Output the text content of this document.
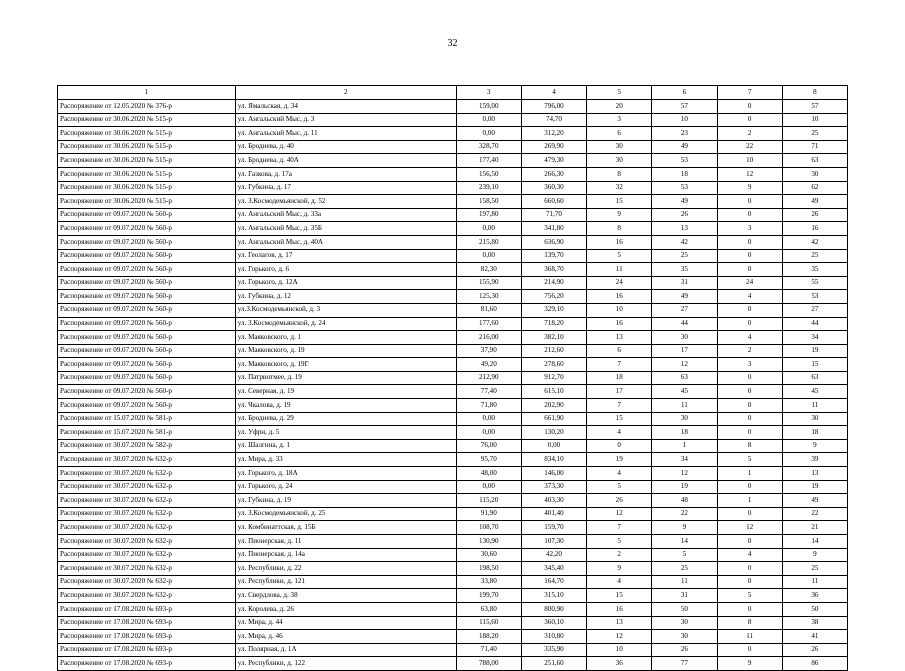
32
1	2	3	4	5	6	7	8
Распоряжение от 12.05.2020 № 376-р	ул. Ямальская, д. 34	159,00	796,00	20	57	0	57
Распоряжение от 30.06.2020 № 515-р	ул. Ангальский Мыс, д. 3	0,00	74,70	3	10	0	10
Распоряжение от 30.06.2020 № 515-р	ул. Ангальский Мыс, д. 11	0,00	312,20	6	23	2	25
Распоряжение от 30.06.2020 № 515-р	ул. Броднева, д. 40	328,70	269,90	30	49	22	71
Распоряжение от 30.06.2020 № 515-р	ул. Броднева, д. 40А	177,40	479,30	30	53	10	63
Распоряжение от 30.06.2020 № 515-р	ул. Газкова, д. 17а	156,50	266,30	8	18	12	30
Распоряжение от 30.06.2020 № 515-р	ул. Губкина, д. 17	239,10	360,30	32	53	9	62
Распоряжение от 30.06.2020 № 515-р	ул. З.Космодемьянской, д. 52	158,50	660,60	15	49	0	49
Распоряжение от 09.07.2020 № 560-р	ул. Ангальский Мыс, д. 33а	197,80	71,70	9	26	0	26
Распоряжение от 09.07.2020 № 560-р	ул. Ангальский Мыс, д. 35Б	0,00	341,80	8	13	3	16
Распоряжение от 09.07.2020 № 560-р	ул. Ангальский Мыс, д. 40А	215,80	636,90	16	42	0	42
Распоряжение от 09.07.2020 № 560-р	ул. Геолагов, д. 17	0,00	139,70	5	25	0	25
Распоряжение от 09.07.2020 № 560-р	ул. Горького, д. 6	82,30	368,70	11	35	0	35
Распоряжение от 09.07.2020 № 560-р	ул. Горького, д. 12А	155,90	214,90	24	31	24	55
Распоряжение от 09.07.2020 № 560-р	ул. Губкина, д. 12	125,30	756,20	16	49	4	53
Распоряжение от 09.07.2020 № 560-р	ул.З.Космодемьянской, д. 3	81,60	329,10	10	27	0	27
Распоряжение от 09.07.2020 № 560-р	ул. З.Космодемьянской, д. 24	177,60	718,20	16	44	0	44
Распоряжение от 09.07.2020 № 560-р	ул. Маяковского, д. 1	216,00	382,10	13	30	4	34
Распоряжение от 09.07.2020 № 560-р	ул. Маяковского, д. 19	37,90	212,60	6	17	2	19
Распоряжение от 09.07.2020 № 560-р	ул. Маяковского, д. 19Г	49,20	278,60	7	12	3	15
Распоряжение от 09.07.2020 № 560-р	ул. Патриотмее, д. 19	212,90	912,70	18	63	0	63
Распоряжение от 09.07.2020 № 560-р	ул. Северная, д. 19	77,40	615,10	17	45	0	45
Распоряжение от 09.07.2020 № 560-р	ул. Чкалова, д. 19	71,80	202,90	7	11	0	11
Распоряжение от 15.07.2020 № 581-р	ул. Броднева, д. 29	0,00	661,90	15	30	0	30
Распоряжение от 15.07.2020 № 581-р	ул. Уфрн, д. 5	0,00	130,20	4	18	0	18
Распоряжение от 30.07.2020 № 582-р	ул. Шалгина, д. 1	76,00	0,00	0	1	8	9
Распоряжение от 30.07.2020 № 632-р	ул. Мира, д. 33	95,70	834,10	19	34	5	39
Распоряжение от 30.07.2020 № 632-р	ул. Горького, д. 18А	48,00	146,00	4	12	1	13
Распоряжение от 30.07.2020 № 632-р	ул. Горького, д. 24	0,00	373,30	5	19	0	19
Распоряжение от 30.07.2020 № 632-р	ул. Губкина, д. 19	115,20	403,30	26	48	1	49
Распоряжение от 30.07.2020 № 632-р	ул. З.Космодемьянской, д. 25	91,90	401,40	12	22	0	22
Распоряжение от 30.07.2020 № 632-р	ул. Комбинаттская, д. 15Б	108,70	159,70	7	9	12	21
Распоряжение от 30.07.2020 № 632-р	ул. Пионерская, д. 11	130,90	107,30	5	14	0	14
Распоряжение от 30.07.2020 № 632-р	ул. Пионерская, д. 14а	30,60	42,20	2	5	4	9
Распоряжение от 30.07.2020 № 632-р	ул. Республики, д. 22	198,50	345,40	9	25	0	25
Распоряжение от 30.07.2020 № 632-р	ул. Республики, д. 121	33,80	164,70	4	11	0	11
Распоряжение от 30.07.2020 № 632-р	ул. Свердлова, д. 38	199,70	315,10	15	31	5	36
Распоряжение от 17.08.2020 № 693-р	ул. Королева, д. 26	63,80	800,90	16	50	0	50
Распоряжение от 17.08.2020 № 693-р	ул. Мира, д. 44	115,60	360,10	13	30	8	38
Распоряжение от 17.08.2020 № 693-р	ул. Мира, д. 46	188,20	310,80	12	30	11	41
Распоряжение от 17.08.2020 № 693-р	ул. Полярная, д. 1А	71,40	335,90	10	26	0	26
Распоряжение от 17.08.2020 № 693-р	ул. Республики, д. 122	788,00	251,60	36	77	9	86
